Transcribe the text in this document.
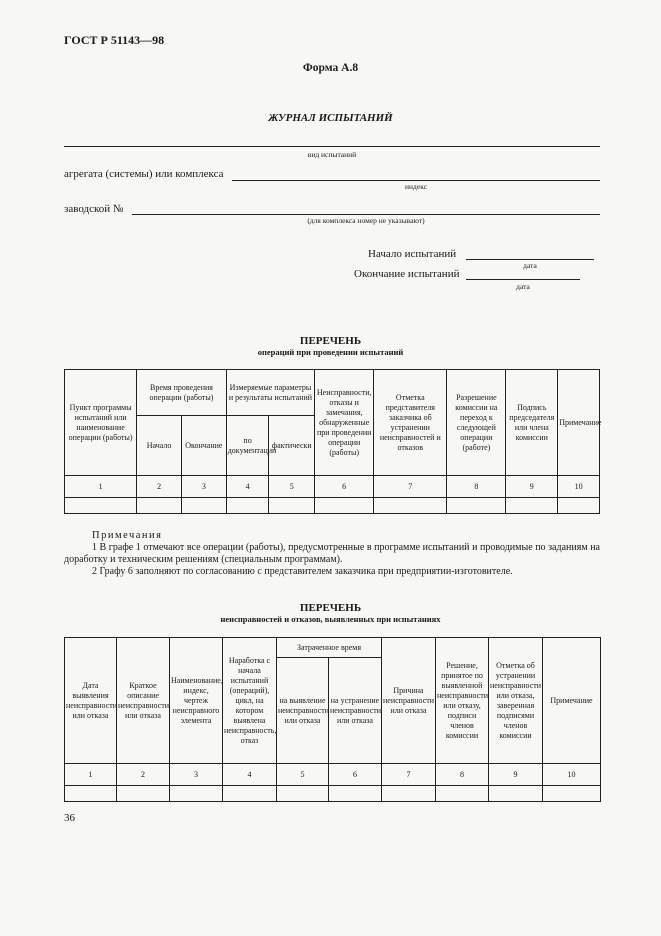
ГОСТ Р 51143—98
Форма А.8
ЖУРНАЛ ИСПЫТАНИЙ
вид испытаний
агрегата (системы) или комплекса
индекс
заводской №
(для комплекса номер не указывают)
Начало испытаний
дата
Окончание испытаний
дата
ПЕРЕЧЕНЬ
операций при проведении испытаний
Пункт программы испытаний или наименование операции (работы)	Время проведения операции (работы)		Измеряемые параметры и результаты испытаний		Неисправности, отказы и замечания, обнаруженные при проведении операции (работы)	Отметка представителя заказчика об устранении неисправностей и отказов	Разрешение комиссии на переход к следующей операции (работе)	Подпись председателя или члена комиссии	Примечание
	Начало	Окончание	по документации	фактически					
1	2	3	4	5	6	7	8	9	10

Примечания

1 В графе 1 отмечают все операции (работы), предусмотренные в программе испытаний и проводимые по заданиям на доработку и техническим решениям (специальным программам).

2 Графу 6 заполняют по согласованию с представителем заказчика при предприятии-изготовителе.

ПЕРЕЧЕНЬ
неисправностей и отказов, выявленных при испытаниях
Дата выявления неисправности или отказа	Краткое описание неисправности или отказа	Наименование, индекс, чертеж неисправного элемента	Наработка с начала испытаний (операций), цикл, на котором выявлена неисправность, отказ	Затраченное время		Причина неисправности или отказа	Решение, принятое по выявленной неисправности или отказу, подписи членов комиссии	Отметка об устранении неисправности или отказа, заверенная подписями членов комиссии	Примечание
				на выявление неисправности или отказа	на устранение неисправности или отказа				
1	2	3	4	5	6	7	8	9	10

36
